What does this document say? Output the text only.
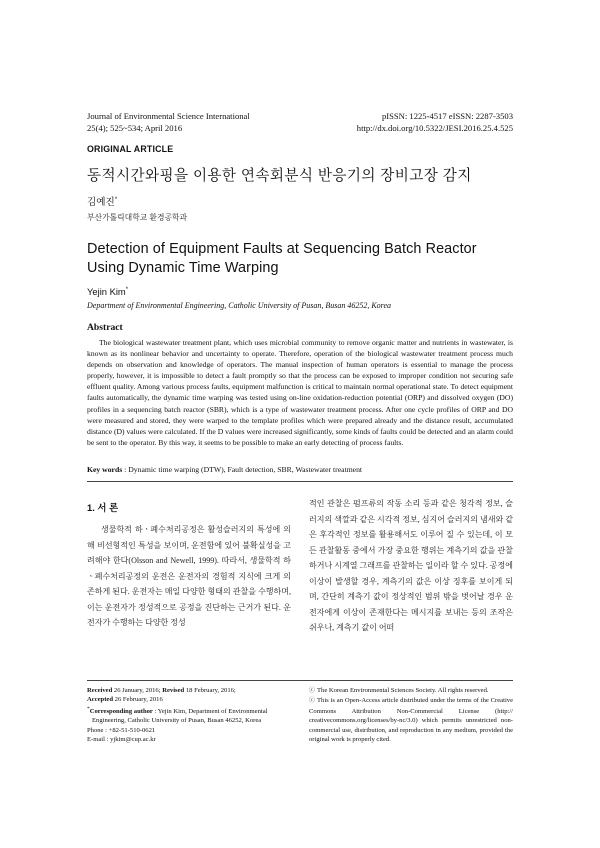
Journal of Environmental Science International
25(4); 525~534; April 2016
pISSN: 1225-4517 eISSN: 2287-3503
http://dx.doi.org/10.5322/JESI.2016.25.4.525
ORIGINAL ARTICLE
동적시간와핑을 이용한 연속회분식 반응기의 장비고장 감지
김예진*
부산가톨릭대학교 환경공학과
Detection of Equipment Faults at Sequencing Batch Reactor Using Dynamic Time Warping
Yejin Kim*
Department of Environmental Engineering, Catholic University of Pusan, Busan 46252, Korea
Abstract
The biological wastewater treatment plant, which uses microbial community to remove organic matter and nutrients in wastewater, is known as its nonlinear behavior and uncertainty to operate. Therefore, operation of the biological wastewater treatment process much depends on observation and knowledge of operators. The manual inspection of human operators is essential to manage the process properly, however, it is impossible to detect a fault promptly so that the process can be exposed to improper condition not securing safe effluent quality. Among various process faults, equipment malfunction is critical to maintain normal operational state. To detect equipment faults automatically, the dynamic time warping was tested using on-line oxidation-reduction potential (ORP) and dissolved oxygen (DO) profiles in a sequencing batch reactor (SBR), which is a type of wastewater treatment process. After one cycle profiles of ORP and DO were measured and stored, they were warped to the template profiles which were prepared already and the distance result, accumulated distance (D) values were calculated. If the D values were increased significantly, some kinds of faults could be detected and an alarm could be sent to the operator. By this way, it seems to be possible to make an early detecting of process faults.
Key words : Dynamic time warping (DTW), Fault detection, SBR, Wastewater treatment
1. 서 론
생물학적 하ㆍ폐수처리공정은 활성슬러지의 특성에 의해 비선형적인 특성을 보이며, 운전함에 있어 불확실성을 고려해야 한다(Olsson and Newell, 1999). 따라서, 생물학적 하ㆍ폐수처리공정의 운전은 운전자의 경험적 지식에 크게 의존하게 된다. 운전자는 매일 다양한 형태의 관찰을 수행하며, 이는 운전자가 정성적으로 공정을 진단하는 근거가 된다. 운전자가 수행하는 다양한 정성
적인 관찰은 펌프류의 작동 소리 등과 같은 청각적 정보, 슬러지의 색깔과 같은 시각적 정보, 심지어 슬러지의 냄새와 같은 후각적인 정보를 활용해서도 이루어 질 수 있는데, 이 모든 관찰활동 중에서 가장 중요한 행위는 계측기의 값을 관찰하거나 시계열 그래프를 관찰하는 일이라 할 수 있다. 공정에 이상이 발생할 경우, 계측기의 값은 이상 징후를 보이게 되며, 간단히 계측기 값이 정상적인 범위 밖을 벗어날 경우 운전자에게 이상이 존재한다는 메시지를 보내는 등의 조작은 쉬우나, 계측기 값이 어떠
Received 26 January, 2016; Revised 18 February, 2016;
Accepted 26 February, 2016
*Corresponding author : Yejin Kim, Department of Environmental Engineering, Catholic University of Pusan, Busan 46252, Korea
Phone : +82-51-510-0621
E-mail : yjkim@cup.ac.kr
ⓒ The Korean Environmental Sciences Society. All rights reserved.
ⓒ This is an Open-Access article distributed under the terms of the Creative Commons Attribution Non-Commercial License (http:// creativecommons.org/licenses/by-nc/3.0) which permits unrestricted non-commercial use, distribution, and reproduction in any medium, provided the original work is properly cited.
